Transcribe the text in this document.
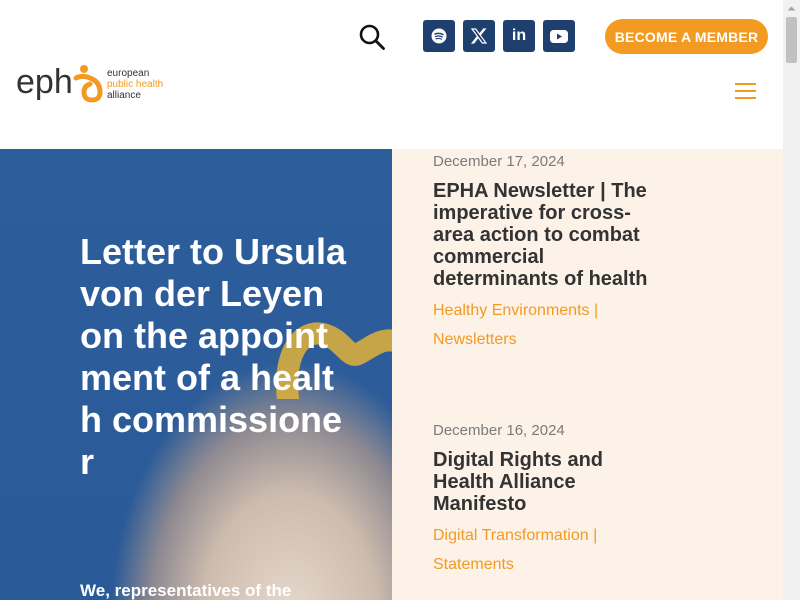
eph	european
public health
alliance
in	BECOME A MEMBER
Letter to Ursula von der Leyen on the appointment of a health commissione r

We, representatives of the

December 17, 2024

EPHA Newsletter | The imperative for cross-area action to combat commercial determinants of health

Healthy Environments |
Newsletters

December 16, 2024

Digital Rights and Health Alliance Manifesto

Digital Transformation |
Statements
